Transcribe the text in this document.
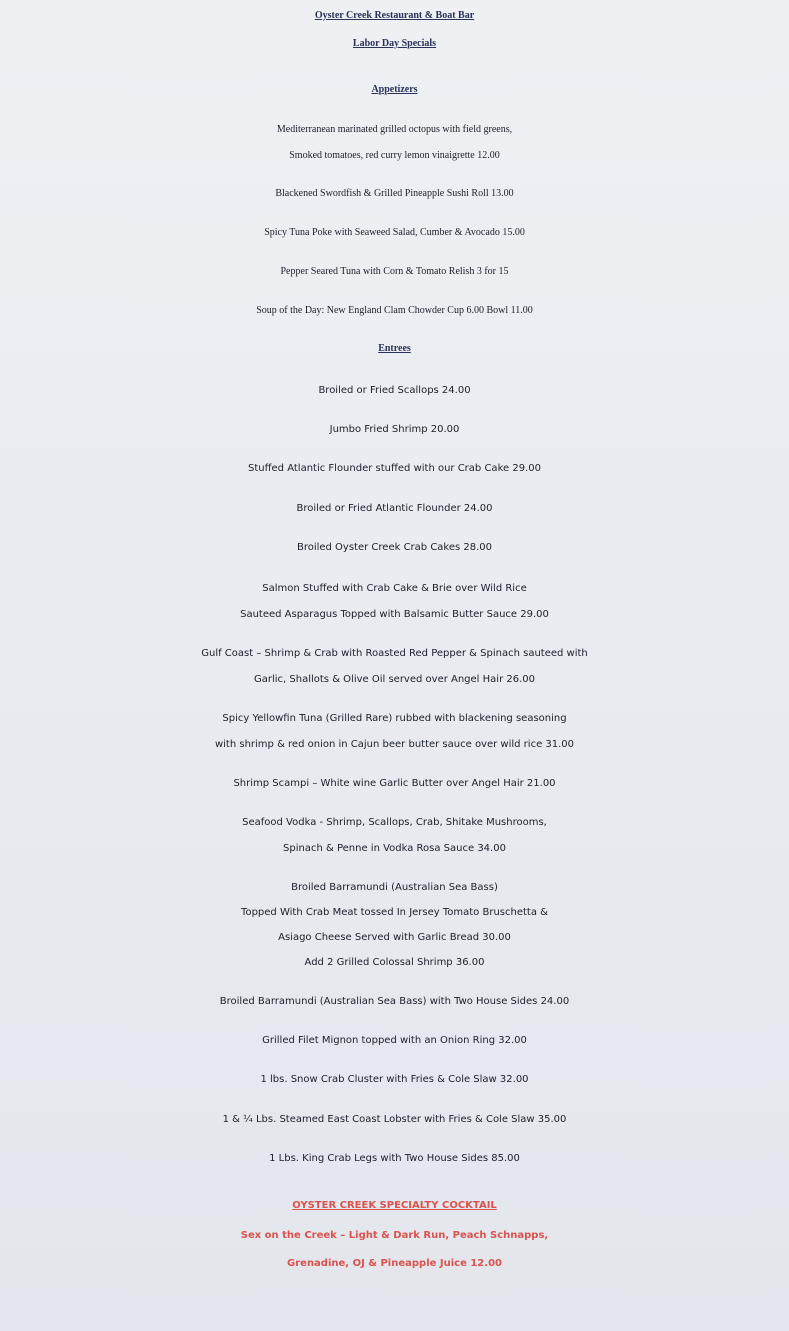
Oyster Creek Restaurant & Boat Bar
Labor Day Specials
Appetizers
Mediterranean marinated grilled octopus with field greens,
Smoked tomatoes, red curry lemon vinaigrette 12.00
Blackened Swordfish & Grilled Pineapple Sushi Roll 13.00
Spicy Tuna Poke with Seaweed Salad, Cumber & Avocado 15.00
Pepper Seared Tuna with Corn & Tomato Relish 3 for 15
Soup of the Day: New England Clam Chowder Cup 6.00 Bowl 11.00
Entrees
Broiled or Fried Scallops 24.00
Jumbo Fried Shrimp 20.00
Stuffed Atlantic Flounder stuffed with our Crab Cake 29.00
Broiled or Fried Atlantic Flounder 24.00
Broiled Oyster Creek Crab Cakes 28.00
Salmon Stuffed with Crab Cake & Brie over Wild Rice
Sauteed Asparagus Topped with Balsamic Butter Sauce 29.00
Gulf Coast – Shrimp & Crab with Roasted Red Pepper & Spinach sauteed with
Garlic, Shallots & Olive Oil served over Angel Hair 26.00
Spicy Yellowfin Tuna (Grilled Rare) rubbed with blackening seasoning
with shrimp & red onion in Cajun beer butter sauce over wild rice 31.00
Shrimp Scampi – White wine Garlic Butter over Angel Hair 21.00
Seafood Vodka - Shrimp, Scallops, Crab, Shitake Mushrooms,
Spinach & Penne in Vodka Rosa Sauce 34.00
Broiled Barramundi (Australian Sea Bass)
Topped With Crab Meat tossed In Jersey Tomato Bruschetta &
Asiago Cheese Served with Garlic Bread 30.00
Add 2 Grilled Colossal Shrimp 36.00
Broiled Barramundi (Australian Sea Bass) with Two House Sides 24.00
Grilled Filet Mignon topped with an Onion Ring 32.00
1 lbs. Snow Crab Cluster with Fries & Cole Slaw 32.00
1 & ¼ Lbs. Steamed East Coast Lobster with Fries & Cole Slaw 35.00
1 Lbs. King Crab Legs with Two House Sides 85.00
OYSTER CREEK SPECIALTY COCKTAIL
Sex on the Creek – Light & Dark Run, Peach Schnapps,
Grenadine, OJ & Pineapple Juice 12.00
